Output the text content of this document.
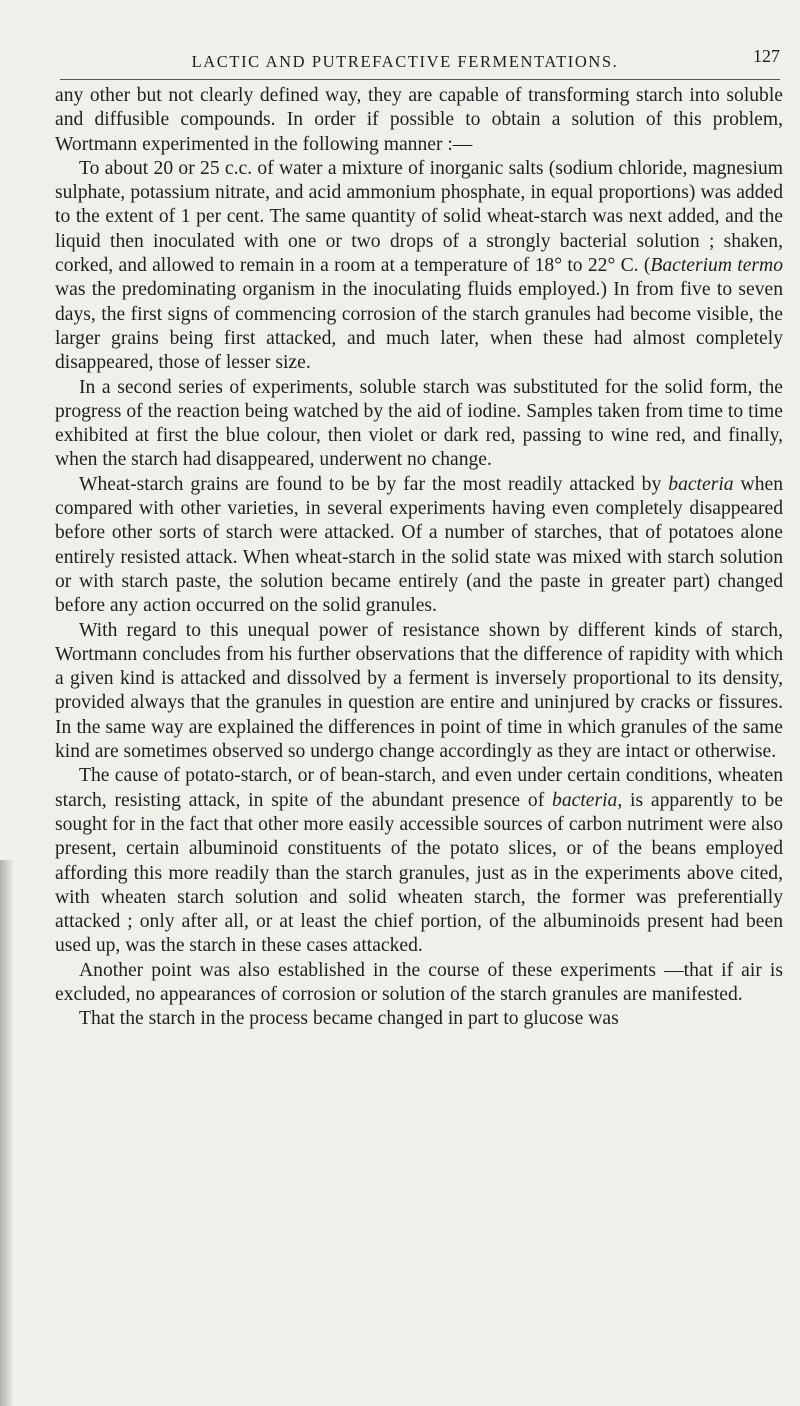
LACTIC AND PUTREFACTIVE FERMENTATIONS.	127

any other but not clearly defined way, they are capable of transforming starch into soluble and diffusible compounds. In order if possible to obtain a solution of this problem, Wortmann experimented in the following manner :—

To about 20 or 25 c.c. of water a mixture of inorganic salts (sodium chloride, magnesium sulphate, potassium nitrate, and acid ammonium phosphate, in equal proportions) was added to the extent of 1 per cent. The same quantity of solid wheat-starch was next added, and the liquid then inoculated with one or two drops of a strongly bacterial solution ; shaken, corked, and allowed to remain in a room at a temperature of 18° to 22° C. (Bacterium termo was the predominating organism in the inoculating fluids employed.) In from five to seven days, the first signs of commencing corrosion of the starch granules had become visible, the larger grains being first attacked, and much later, when these had almost completely disappeared, those of lesser size.

In a second series of experiments, soluble starch was substituted for the solid form, the progress of the reaction being watched by the aid of iodine. Samples taken from time to time exhibited at first the blue colour, then violet or dark red, passing to wine red, and finally, when the starch had disappeared, underwent no change.

Wheat-starch grains are found to be by far the most readily attacked by bacteria when compared with other varieties, in several experiments having even completely disappeared before other sorts of starch were attacked. Of a number of starches, that of potatoes alone entirely resisted attack. When wheat-starch in the solid state was mixed with starch solution or with starch paste, the solution became entirely (and the paste in greater part) changed before any action occurred on the solid granules.

With regard to this unequal power of resistance shown by different kinds of starch, Wortmann concludes from his further observations that the difference of rapidity with which a given kind is attacked and dissolved by a ferment is inversely proportional to its density, provided always that the granules in question are entire and uninjured by cracks or fissures. In the same way are explained the differences in point of time in which granules of the same kind are sometimes observed so undergo change accordingly as they are intact or otherwise.

The cause of potato-starch, or of bean-starch, and even under certain conditions, wheaten starch, resisting attack, in spite of the abundant presence of bacteria, is apparently to be sought for in the fact that other more easily accessible sources of carbon nutriment were also present, certain albuminoid constituents of the potato slices, or of the beans employed affording this more readily than the starch granules, just as in the experiments above cited, with wheaten starch solution and solid wheaten starch, the former was preferentially attacked ; only after all, or at least the chief portion, of the albuminoids present had been used up, was the starch in these cases attacked.

Another point was also established in the course of these experiments —that if air is excluded, no appearances of corrosion or solution of the starch granules are manifested.

That the starch in the process became changed in part to glucose was
